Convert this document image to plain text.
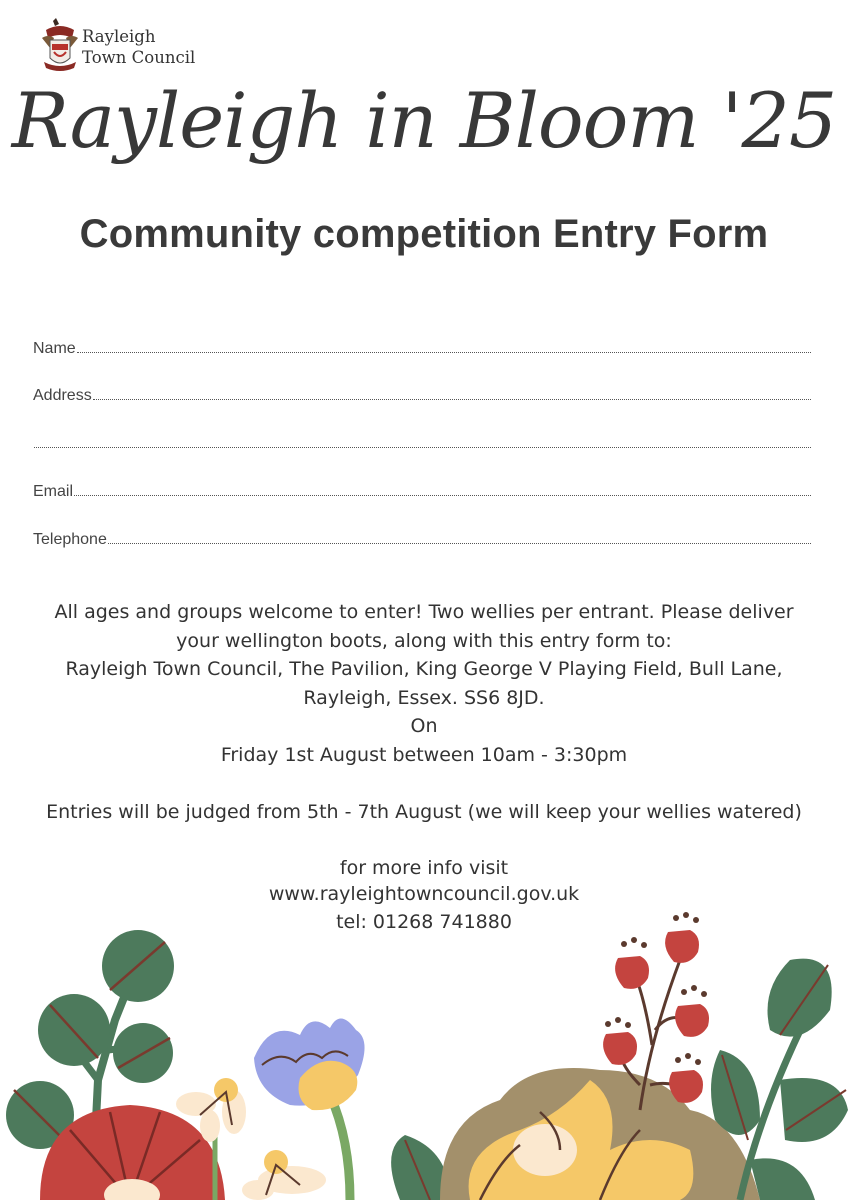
Rayleigh
Town Council
Rayleigh in Bloom '25
Community competition Entry Form
Name
Address
Email
Telephone

All ages and groups welcome to enter! Two wellies per entrant. Please deliver

your wellington boots, along with this entry form to:

Rayleigh Town Council, The Pavilion, King George V Playing Field, Bull Lane,

Rayleigh, Essex. SS6 8JD.

On

Friday 1st August between 10am - 3:30pm

Entries will be judged from 5th - 7th August (we will keep your wellies watered)

for more info visit

www.rayleightowncouncil.gov.uk

tel: 01268 741880
